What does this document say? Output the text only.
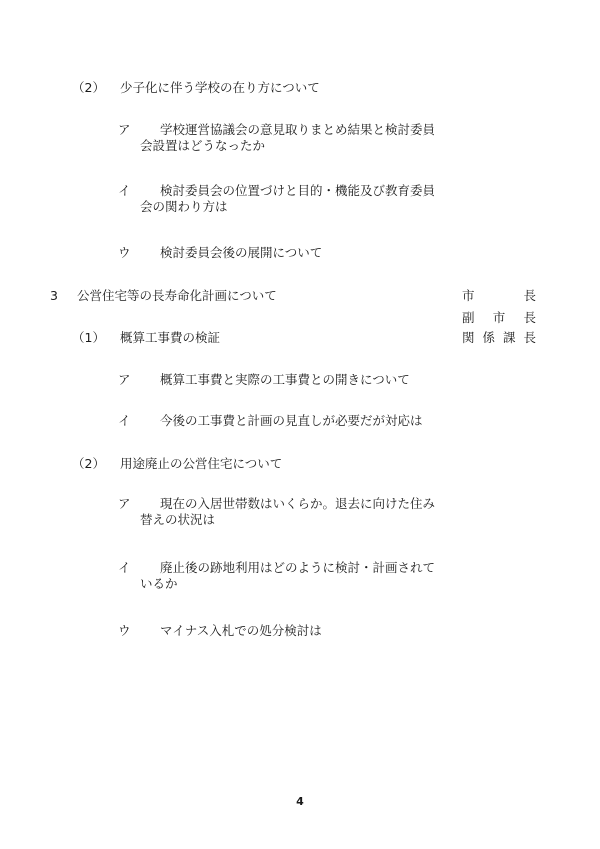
（2） 少子化に伴う学校の在り方について
ア 学校運営協議会の意見取りまとめ結果と検討委員
会設置はどうなったか
イ 検討委員会の位置づけと目的・機能及び教育委員
会の関わり方は
ウ 検討委員会後の展開について
3 公営住宅等の長寿命化計画について	市	長
副 市 長
関 係 課 長
（1） 概算工事費の検証
ア 概算工事費と実際の工事費との開きについて
イ 今後の工事費と計画の見直しが必要だが対応は
（2） 用途廃止の公営住宅について
ア 現在の入居世帯数はいくらか。退去に向けた住み
替えの状況は
イ 廃止後の跡地利用はどのように検討・計画されて
いるか
ウ マイナス入札での処分検討は
4
